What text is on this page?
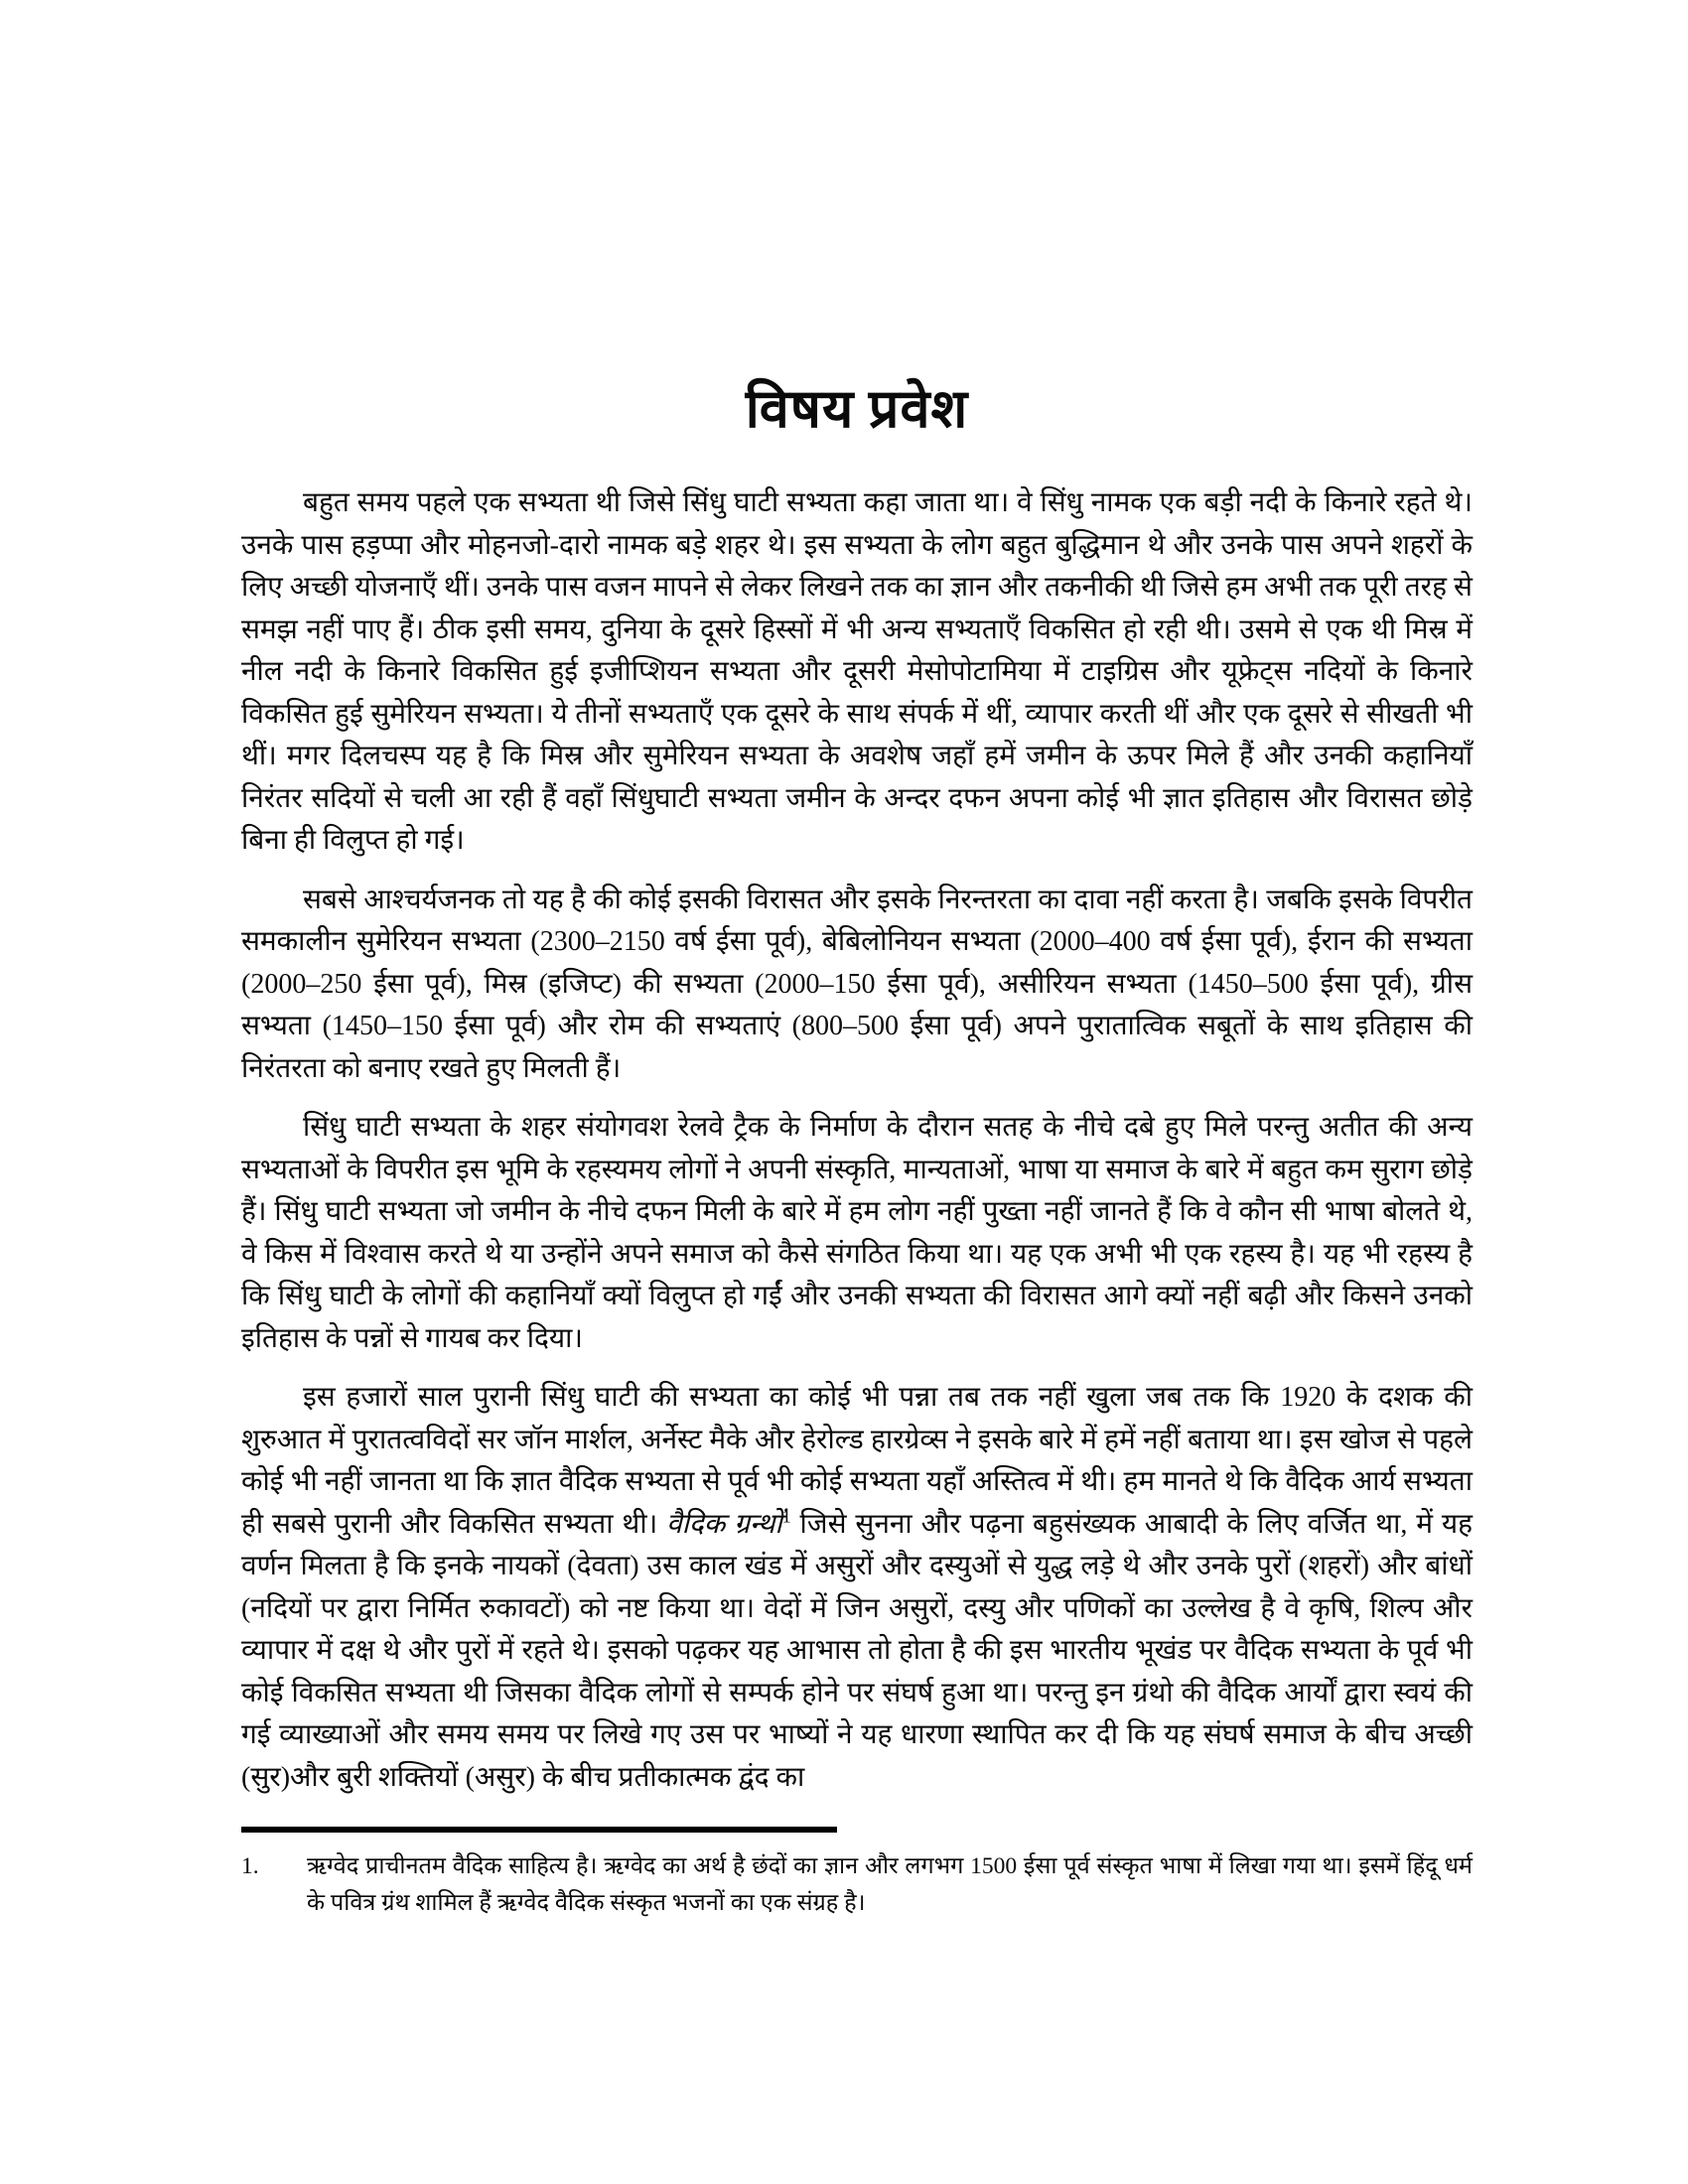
विषय प्रवेश

बहुत समय पहले एक सभ्यता थी जिसे सिंधु घाटी सभ्यता कहा जाता था। वे सिंधु नामक एक बड़ी नदी के किनारे रहते थे। उनके पास हड़प्पा और मोहनजो-दारो नामक बड़े शहर थे। इस सभ्यता के लोग बहुत बुद्धिमान थे और उनके पास अपने शहरों के लिए अच्छी योजनाएँ थीं। उनके पास वजन मापने से लेकर लिखने तक का ज्ञान और तकनीकी थी जिसे हम अभी तक पूरी तरह से समझ नहीं पाए हैं। ठीक इसी समय, दुनिया के दूसरे हिस्सों में भी अन्य सभ्यताएँ विकसित हो रही थी। उसमे से एक थी मिस्र में नील नदी के किनारे विकसित हुई इजीप्शियन सभ्यता और दूसरी मेसोपोटामिया में टाइग्रिस और यूफ्रेट्स नदियों के किनारे विकसित हुई सुमेरियन सभ्यता। ये तीनों सभ्यताएँ एक दूसरे के साथ संपर्क में थीं, व्यापार करती थीं और एक दूसरे से सीखती भी थीं। मगर दिलचस्प यह है कि मिस्र और सुमेरियन सभ्यता के अवशेष जहाँ हमें जमीन के ऊपर मिले हैं और उनकी कहानियाँ निरंतर सदियों से चली आ रही हैं वहाँ सिंधुघाटी सभ्यता जमीन के अन्दर दफन अपना कोई भी ज्ञात इतिहास और विरासत छोड़े बिना ही विलुप्त हो गई।

सबसे आश्चर्यजनक तो यह है की कोई इसकी विरासत और इसके निरन्तरता का दावा नहीं करता है। जबकि इसके विपरीत समकालीन सुमेरियन सभ्यता (2300–2150 वर्ष ईसा पूर्व), बेबिलोनियन सभ्यता (2000–400 वर्ष ईसा पूर्व), ईरान की सभ्यता (2000–250 ईसा पूर्व), मिस्र (इजिप्ट) की सभ्यता (2000–150 ईसा पूर्व), असीरियन सभ्यता (1450–500 ईसा पूर्व), ग्रीस सभ्यता (1450–150 ईसा पूर्व) और रोम की सभ्यताएं (800–500 ईसा पूर्व) अपने पुरातात्विक सबूतों के साथ इतिहास की निरंतरता को बनाए रखते हुए मिलती हैं।

सिंधु घाटी सभ्यता के शहर संयोगवश रेलवे ट्रैक के निर्माण के दौरान सतह के नीचे दबे हुए मिले परन्तु अतीत की अन्य सभ्यताओं के विपरीत इस भूमि के रहस्यमय लोगों ने अपनी संस्कृति, मान्यताओं, भाषा या समाज के बारे में बहुत कम सुराग छोड़े हैं। सिंधु घाटी सभ्यता जो जमीन के नीचे दफन मिली के बारे में हम लोग नहीं पुख्ता नहीं जानते हैं कि वे कौन सी भाषा बोलते थे, वे किस में विश्वास करते थे या उन्होंने अपने समाज को कैसे संगठित किया था। यह एक अभी भी एक रहस्य है। यह भी रहस्य है कि सिंधु घाटी के लोगों की कहानियाँ क्यों विलुप्त हो गईं और उनकी सभ्यता की विरासत आगे क्यों नहीं बढ़ी और किसने उनको इतिहास के पन्नों से गायब कर दिया।

इस हजारों साल पुरानी सिंधु घाटी की सभ्यता का कोई भी पन्ना तब तक नहीं खुला जब तक कि 1920 के दशक की शुरुआत में पुरातत्वविदों सर जॉन मार्शल, अर्नेस्ट मैके और हेरोल्ड हारग्रेव्स ने इसके बारे में हमें नहीं बताया था। इस खोज से पहले कोई भी नहीं जानता था कि ज्ञात वैदिक सभ्यता से पूर्व भी कोई सभ्यता यहाँ अस्तित्व में थी। हम मानते थे कि वैदिक आर्य सभ्यता ही सबसे पुरानी और विकसित सभ्यता थी। वैदिक ग्रन्थों$^1$ जिसे सुनना और पढ़ना बहुसंख्यक आबादी के लिए वर्जित था, में यह वर्णन मिलता है कि इनके नायकों (देवता) उस काल खंड में असुरों और दस्युओं से युद्ध लड़े थे और उनके पुरों (शहरों) और बांधों (नदियों पर द्वारा निर्मित रुकावटों) को नष्ट किया था। वेदों में जिन असुरों, दस्यु और पणिकों का उल्लेख है वे कृषि, शिल्प और व्यापार में दक्ष थे और पुरों में रहते थे। इसको पढ़कर यह आभास तो होता है की इस भारतीय भूखंड पर वैदिक सभ्यता के पूर्व भी कोई विकसित सभ्यता थी जिसका वैदिक लोगों से सम्पर्क होने पर संघर्ष हुआ था। परन्तु इन ग्रंथो की वैदिक आर्यों द्वारा स्वयं की गई व्याख्याओं और समय समय पर लिखे गए उस पर भाष्यों ने यह धारणा स्थापित कर दी कि यह संघर्ष समाज के बीच अच्छी (सुर)और बुरी शक्तियों (असुर) के बीच प्रतीकात्मक द्वंद का

1.	ऋग्वेद प्राचीनतम वैदिक साहित्य है। ऋग्वेद का अर्थ है छंदों का ज्ञान और लगभग 1500 ईसा पूर्व संस्कृत भाषा में लिखा गया था। इसमें हिंदू धर्म के पवित्र ग्रंथ शामिल हैं ऋग्वेद वैदिक संस्कृत भजनों का एक संग्रह है।
